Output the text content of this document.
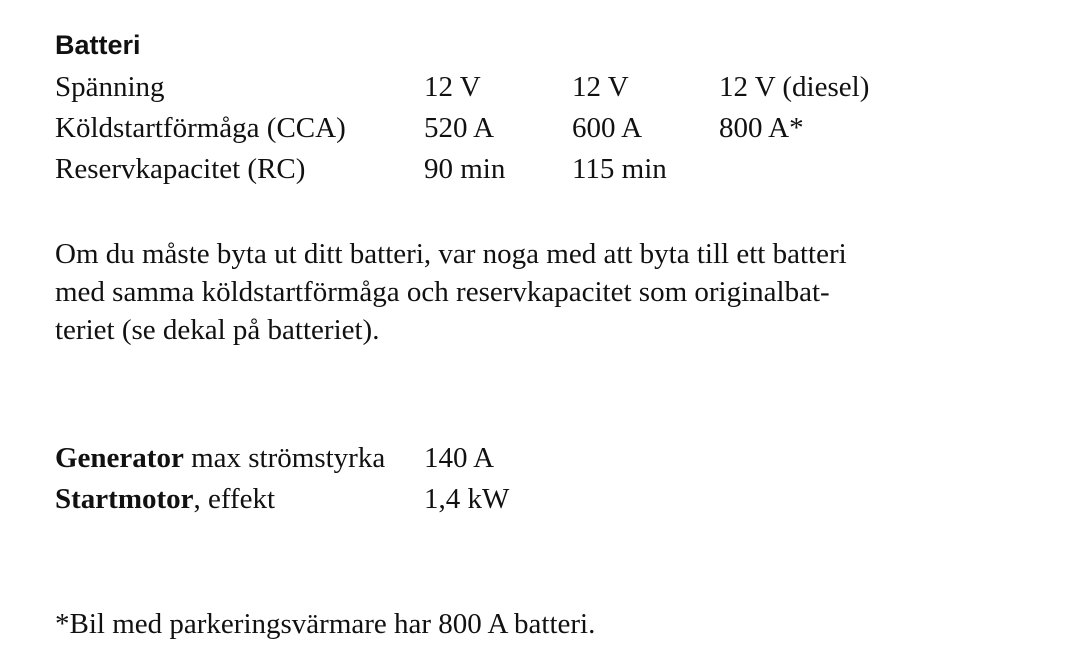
Batteri
Spänning	12 V	12 V	12 V (diesel)
Köldstartförmåga (CCA)	520 A	600 A	800 A*
Reservkapacitet (RC)	90 min	115 min	

Om du måste byta ut ditt batteri, var noga med att byta till ett batteri
med samma köldstartförmåga och reservkapacitet som originalbat-
teriet (se dekal på batteriet).

Generator max strömstyrka	140 A
Startmotor, effekt	1,4 kW

*Bil med parkeringsvärmare har 800 A batteri.
